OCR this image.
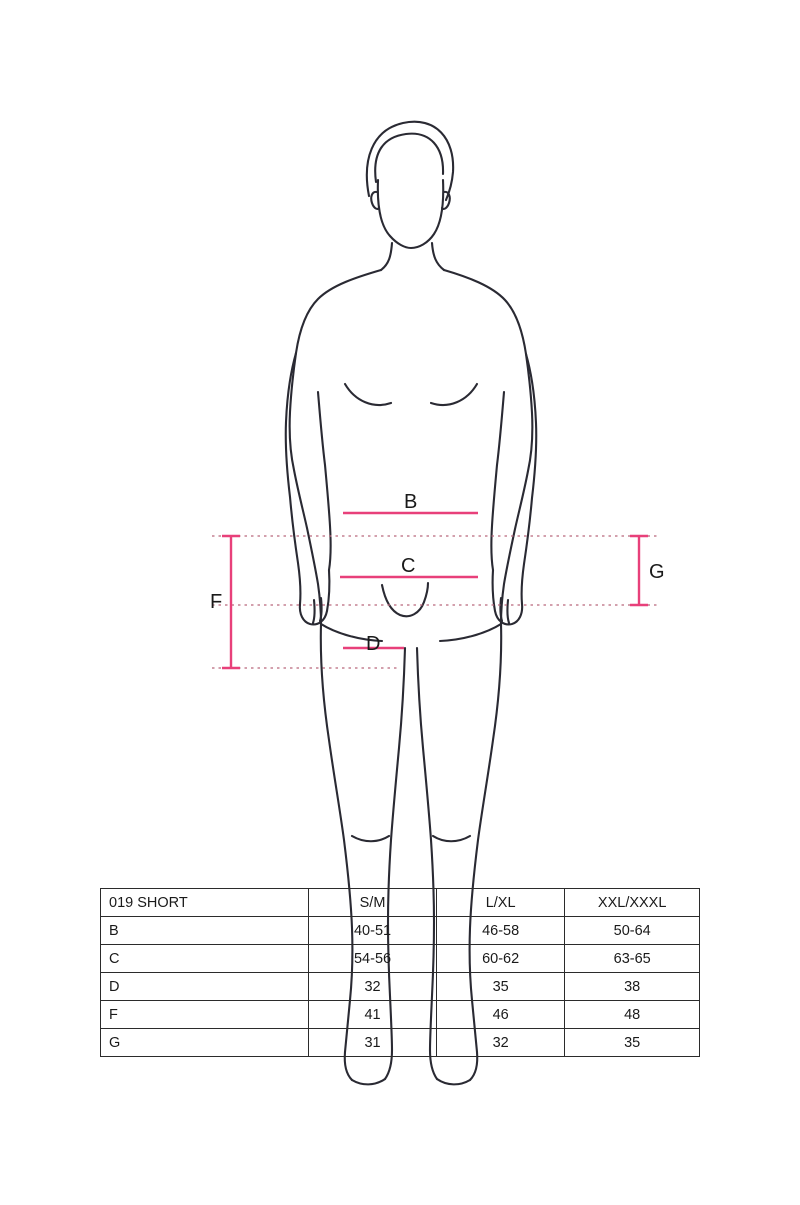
B
C
D
F
G
019 SHORT	S/M	L/XL	XXL/XXXL
B	40-51	46-58	50-64
C	54-56	60-62	63-65
D	32	35	38
F	41	46	48
G	31	32	35
